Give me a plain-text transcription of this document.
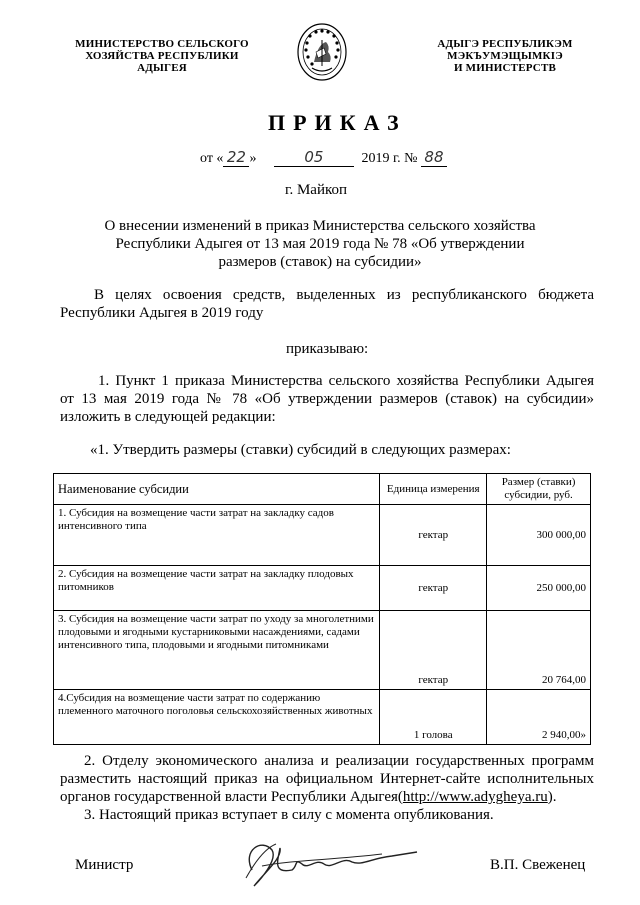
МИНИСТЕРСТВО СЕЛЬСКОГО
ХОЗЯЙСТВА РЕСПУБЛИКИ
АДЫГЕЯ
АДЫГЭ РЕСПУБЛИКЭМ
МЭКЪУМЭЩЫМКIЭ
И МИНИСТЕРСТВ
ПРИКАЗ
от « 22 »	05	2019 г. № 88
г. Майкоп
О внесении изменений в приказ Министерства сельского хозяйства
Республики Адыгея от 13 мая 2019 года № 78 «Об утверждении
размеров (ставок) на субсидии»
В целях освоения средств, выделенных из республиканского бюджета
Республики Адыгея в 2019 году
приказываю:
1. Пункт 1 приказа Министерства сельского хозяйства Республики Адыгея
от 13 мая 2019 года № 78 «Об утверждении размеров (ставок) на субсидии»
изложить в следующей редакции:
«1. Утвердить размеры (ставки) субсидий в следующих размерах:
Наименование субсидии	Единица измерения	Размер (ставки) субсидии, руб.
1. Субсидия на возмещение части затрат на закладку садов интенсивного типа	гектар	300 000,00
2. Субсидия на возмещение части затрат на закладку плодовых питомников	гектар	250 000,00
3. Субсидия на возмещение части затрат по уходу за многолетними плодовыми и ягодными кустарниковыми насаждениями, садами интенсивного типа, плодовыми и ягодными питомниками	гектар	20 764,00
4.Субсидия на возмещение части затрат по содержанию племенного маточного поголовья сельскохозяйственных животных	1 голова	2 940,00»
2. Отделу экономического анализа и реализации государственных программ
разместить настоящий приказ на официальном Интернет-сайте исполнительных
органов государственной власти Республики Адыгея(http://www.adygheya.ru).
3. Настоящий приказ вступает в силу с момента опубликования.
Министр	В.П. Свеженец
